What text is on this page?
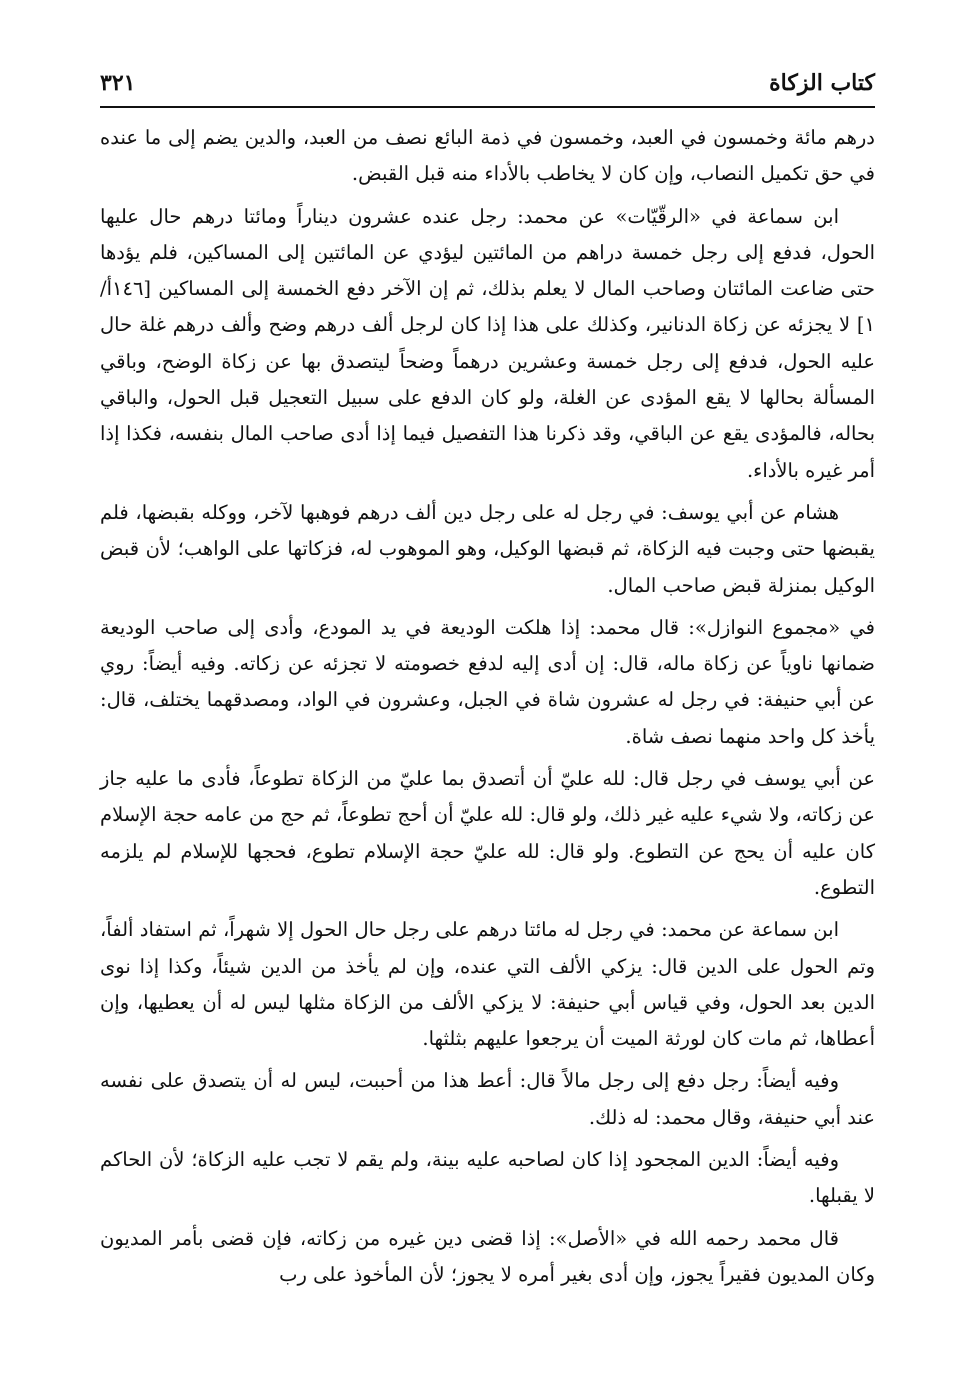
كتاب الزكاة
٣٢١

درهم مائة وخمسون في العبد، وخمسون في ذمة البائع نصف من العبد، والدين يضم إلى ما عنده في حق تكميل النصاب، وإن كان لا يخاطب بالأداء منه قبل القبض.

ابن سماعة في «الرقّيّات» عن محمد: رجل عنده عشرون ديناراً ومائتا درهم حال عليها الحول، فدفع إلى رجل خمسة دراهم من المائتين ليؤدي عن المائتين إلى المساكين، فلم يؤدها حتى ضاعت المائتان وصاحب المال لا يعلم بذلك، ثم إن الآخر دفع الخمسة إلى المساكين [١٤٦أ/١] لا يجزئه عن زكاة الدنانير، وكذلك على هذا إذا كان لرجل ألف درهم وضح وألف درهم غلة حال عليه الحول، فدفع إلى رجل خمسة وعشرين درهماً وضحاً ليتصدق بها عن زكاة الوضح، وباقي المسألة بحالها لا يقع المؤدى عن الغلة، ولو كان الدفع على سبيل التعجيل قبل الحول، والباقي بحاله، فالمؤدى يقع عن الباقي، وقد ذكرنا هذا التفصيل فيما إذا أدى صاحب المال بنفسه، فكذا إذا أمر غيره بالأداء.

هشام عن أبي يوسف: في رجل له على رجل دين ألف درهم فوهبها لآخر، ووكله بقبضها، فلم يقبضها حتى وجبت فيه الزكاة، ثم قبضها الوكيل، وهو الموهوب له، فزكاتها على الواهب؛ لأن قبض الوكيل بمنزلة قبض صاحب المال.

في «مجموع النوازل»: قال محمد: إذا هلكت الوديعة في يد المودع، وأدى إلى صاحب الوديعة ضمانها ناوياً عن زكاة ماله، قال: إن أدى إليه لدفع خصومته لا تجزئه عن زكاته. وفيه أيضاً: روي عن أبي حنيفة: في رجل له عشرون شاة في الجبل، وعشرون في الواد، ومصدقهما يختلف، قال: يأخذ كل واحد منهما نصف شاة.

عن أبي يوسف في رجل قال: لله عليّ أن أتصدق بما عليّ من الزكاة تطوعاً، فأدى ما عليه جاز عن زكاته، ولا شيء عليه غير ذلك، ولو قال: لله عليّ أن أحج تطوعاً، ثم حج من عامه حجة الإسلام كان عليه أن يحج عن التطوع. ولو قال: لله عليّ حجة الإسلام تطوع، فحجها للإسلام لم يلزمه التطوع.

ابن سماعة عن محمد: في رجل له مائتا درهم على رجل حال الحول إلا شهراً، ثم استفاد ألفاً، وتم الحول على الدين قال: يزكي الألف التي عنده، وإن لم يأخذ من الدين شيئاً، وكذا إذا نوى الدين بعد الحول، وفي قياس أبي حنيفة: لا يزكي الألف من الزكاة مثلها ليس له أن يعطيها، وإن أعطاها، ثم مات كان لورثة الميت أن يرجعوا عليهم بثلثها.

وفيه أيضاً: رجل دفع إلى رجل مالاً قال: أعط هذا من أحببت، ليس له أن يتصدق على نفسه عند أبي حنيفة، وقال محمد: له ذلك.

وفيه أيضاً: الدين المجحود إذا كان لصاحبه عليه بينة، ولم يقم لا تجب عليه الزكاة؛ لأن الحاكم لا يقبلها.

قال محمد رحمه الله في «الأصل»: إذا قضى دين غيره من زكاته، فإن قضى بأمر المديون وكان المديون فقيراً يجوز، وإن أدى بغير أمره لا يجوز؛ لأن المأخوذ على رب
